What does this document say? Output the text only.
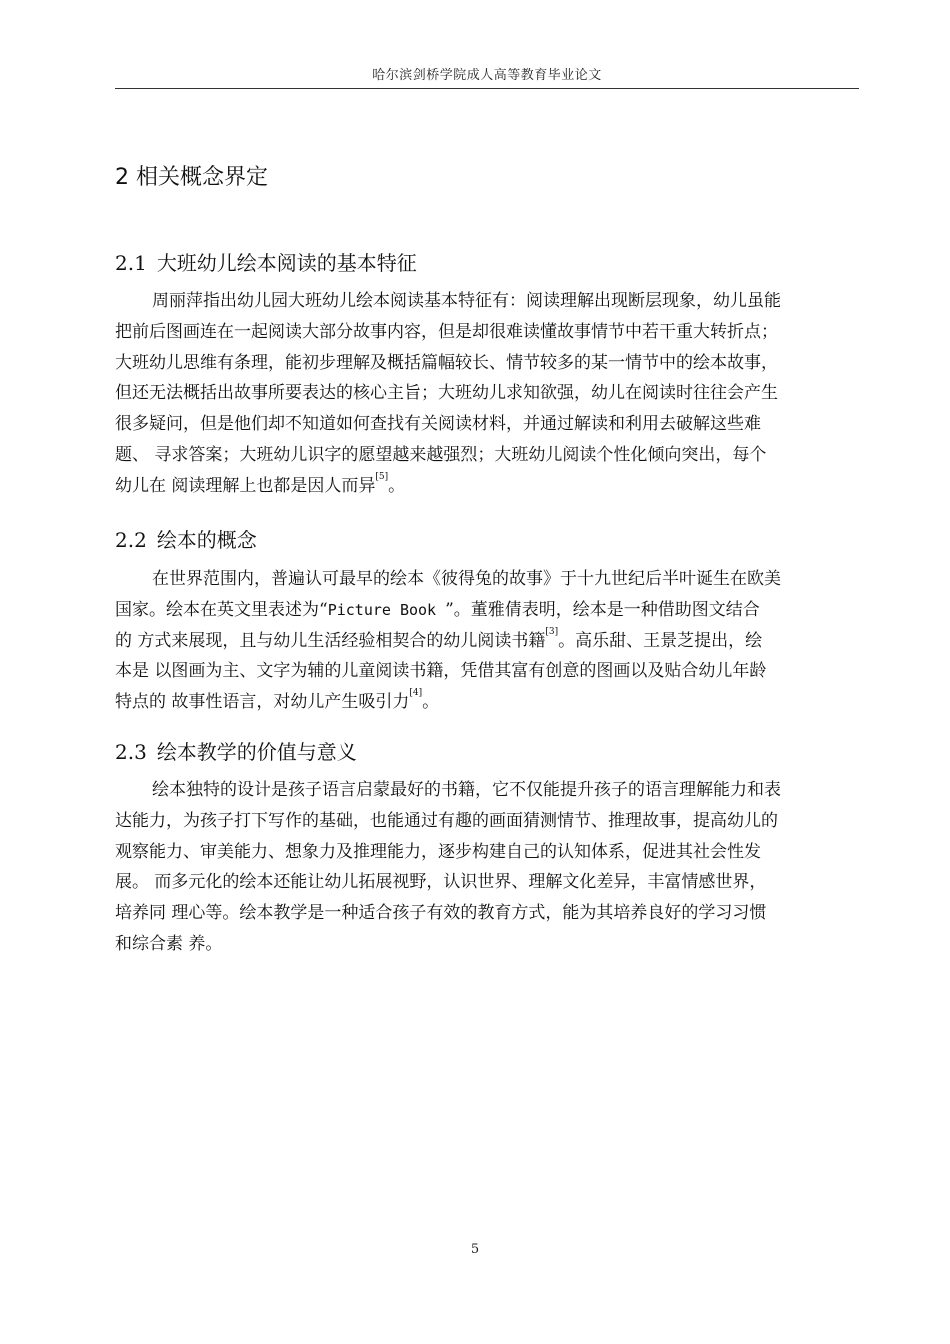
哈尔滨剑桥学院成人高等教育毕业论文
2 相关概念界定
2.1 大班幼儿绘本阅读的基本特征
周丽萍指出幼儿园大班幼儿绘本阅读基本特征有：阅读理解出现断层现象，幼儿虽能
把前后图画连在一起阅读大部分故事内容，但是却很难读懂故事情节中若干重大转折点；
大班幼儿思维有条理，能初步理解及概括篇幅较长、情节较多的某一情节中的绘本故事，
但还无法概括出故事所要表达的核心主旨；大班幼儿求知欲强，幼儿在阅读时往往会产生
很多疑问，但是他们却不知道如何查找有关阅读材料，并通过解读和利用去破解这些难
题、 寻求答案；大班幼儿识字的愿望越来越强烈；大班幼儿阅读个性化倾向突出，每个
幼儿在 阅读理解上也都是因人而异[5]。
2.2 绘本的概念
在世界范围内，普遍认可最早的绘本《彼得兔的故事》于十九世纪后半叶诞生在欧美
国家。绘本在英文里表述为“Picture Book ”。董雅倩表明，绘本是一种借助图文结合
的 方式来展现，且与幼儿生活经验相契合的幼儿阅读书籍[3]。高乐甜、王景芝提出，绘
本是 以图画为主、文字为辅的儿童阅读书籍，凭借其富有创意的图画以及贴合幼儿年龄
特点的 故事性语言，对幼儿产生吸引力[4]。
2.3 绘本教学的价值与意义
绘本独特的设计是孩子语言启蒙最好的书籍，它不仅能提升孩子的语言理解能力和表
达能力，为孩子打下写作的基础，也能通过有趣的画面猜测情节、推理故事，提高幼儿的
观察能力、审美能力、想象力及推理能力，逐步构建自己的认知体系，促进其社会性发
展。 而多元化的绘本还能让幼儿拓展视野，认识世界、理解文化差异，丰富情感世界，
培养同 理心等。绘本教学是一种适合孩子有效的教育方式，能为其培养良好的学习习惯
和综合素 养。
5
